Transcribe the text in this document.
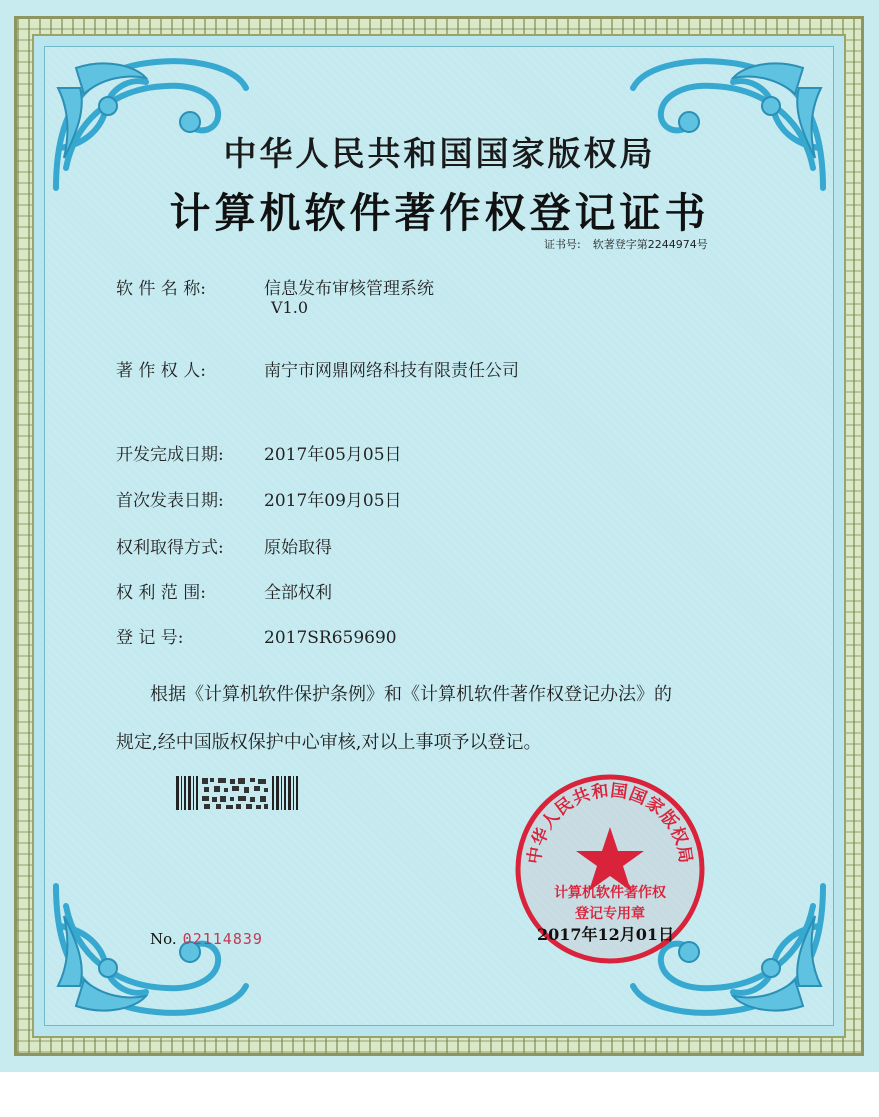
中华人民共和国国家版权局
计算机软件著作权登记证书
证书号: 软著登字第2244974号
软 件 名 称:	信息发布审核管理系统
V1.0
著 作 权 人:	南宁市网鼎网络科技有限责任公司
开发完成日期: 2017年05月05日
首次发表日期: 2017年09月05日
权利取得方式: 原始取得
权 利 范 围:	全部权利
登 记 号:	2017SR659690
根据《计算机软件保护条例》和《计算机软件著作权登记办法》的
规定,经中国版权保护中心审核,对以上事项予以登记。
中华人民共和国国家版权局
计算机软件著作权
登记专用章
2017年12月01日
No. 02114839
